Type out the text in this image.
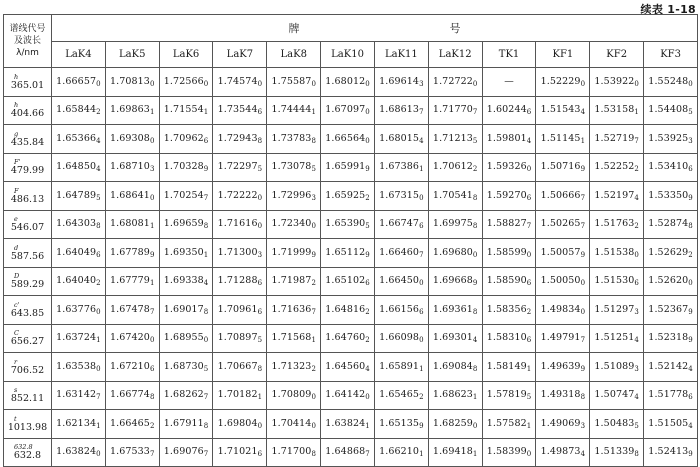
续表 1-18
谱线代号
及波长
λ/nm	牌 号											
	LaK4	LaK5	LaK6	LaK7	LaK8	LaK10	LaK11	LaK12	TK1	KF1	KF2	KF3

h
365.01	$1.66657_0$	$1.70813_0$	$1.72566_0$	$1.74574_0$	$1.75587_0$	$1.68012_0$	$1.69614_3$	$1.72722_0$	—	$1.52229_0$	$1.53922_0$	$1.55248_0$

h
404.66	$1.65844_2$	$1.69863_1$	$1.71554_1$	$1.73544_6$	$1.74444_1$	$1.67097_0$	$1.68613_7$	$1.71770_7$	$1.60244_6$	$1.51543_4$	$1.53158_1$	$1.54408_5$

g
435.84	$1.65366_4$	$1.69308_0$	$1.70962_6$	$1.72943_8$	$1.73783_8$	$1.66564_0$	$1.68015_4$	$1.71213_5$	$1.59801_4$	$1.51145_1$	$1.52719_7$	$1.53925_3$

F'
479.99	$1.64850_4$	$1.68710_3$	$1.70328_9$	$1.72297_5$	$1.73078_5$	$1.65991_9$	$1.67386_1$	$1.70612_2$	$1.59326_0$	$1.50716_9$	$1.52252_2$	$1.53410_6$

F
486.13	$1.64789_5$	$1.68641_0$	$1.70254_7$	$1.72222_0$	$1.72996_3$	$1.65925_2$	$1.67315_0$	$1.70541_8$	$1.59270_6$	$1.50666_7$	$1.52197_4$	$1.53350_9$

e
546.07	$1.64303_8$	$1.68081_1$	$1.69659_8$	$1.71616_0$	$1.72340_0$	$1.65390_5$	$1.66747_6$	$1.69975_8$	$1.58827_7$	$1.50265_7$	$1.51763_2$	$1.52874_8$

d
587.56	$1.64049_6$	$1.67789_9$	$1.69350_1$	$1.71300_3$	$1.71999_9$	$1.65112_9$	$1.66460_7$	$1.69680_0$	$1.58599_0$	$1.50057_9$	$1.51538_0$	$1.52629_2$

D
589.29	$1.64040_2$	$1.67779_1$	$1.69338_4$	$1.71288_6$	$1.71987_2$	$1.65102_6$	$1.66450_0$	$1.69668_9$	$1.58590_6$	$1.50050_0$	$1.51530_6$	$1.52620_0$

c'
643.85	$1.63776_0$	$1.67478_7$	$1.69017_8$	$1.70961_6$	$1.71636_7$	$1.64816_2$	$1.66156_6$	$1.69361_8$	$1.58356_2$	$1.49834_0$	$1.51297_3$	$1.52367_9$

C
656.27	$1.63724_1$	$1.67420_0$	$1.68955_0$	$1.70897_5$	$1.71568_1$	$1.64760_2$	$1.66098_0$	$1.69301_4$	$1.58310_6$	$1.49791_7$	$1.51251_4$	$1.52318_9$

r
706.52	$1.63538_0$	$1.67210_6$	$1.68730_5$	$1.70667_8$	$1.71323_2$	$1.64560_4$	$1.65891_1$	$1.69084_8$	$1.58149_1$	$1.49639_9$	$1.51089_3$	$1.52142_4$

s
852.11	$1.63142_7$	$1.66774_8$	$1.68262_7$	$1.70182_1$	$1.70809_0$	$1.64142_0$	$1.65465_2$	$1.68623_1$	$1.57819_5$	$1.49318_8$	$1.50747_4$	$1.51778_6$

t
1013.98	$1.62134_1$	$1.66465_2$	$1.67911_8$	$1.69804_0$	$1.70414_0$	$1.63824_1$	$1.65135_9$	$1.68259_0$	$1.57582_1$	$1.49069_3$	$1.50483_5$	$1.51505_4$

632.8
632.8	$1.63824_0$	$1.67533_7$	$1.69076_7$	$1.71021_6$	$1.71700_8$	$1.64868_7$	$1.66210_1$	$1.69418_1$	$1.58399_0$	$1.49873_4$	$1.51339_8$	$1.52413_9$
